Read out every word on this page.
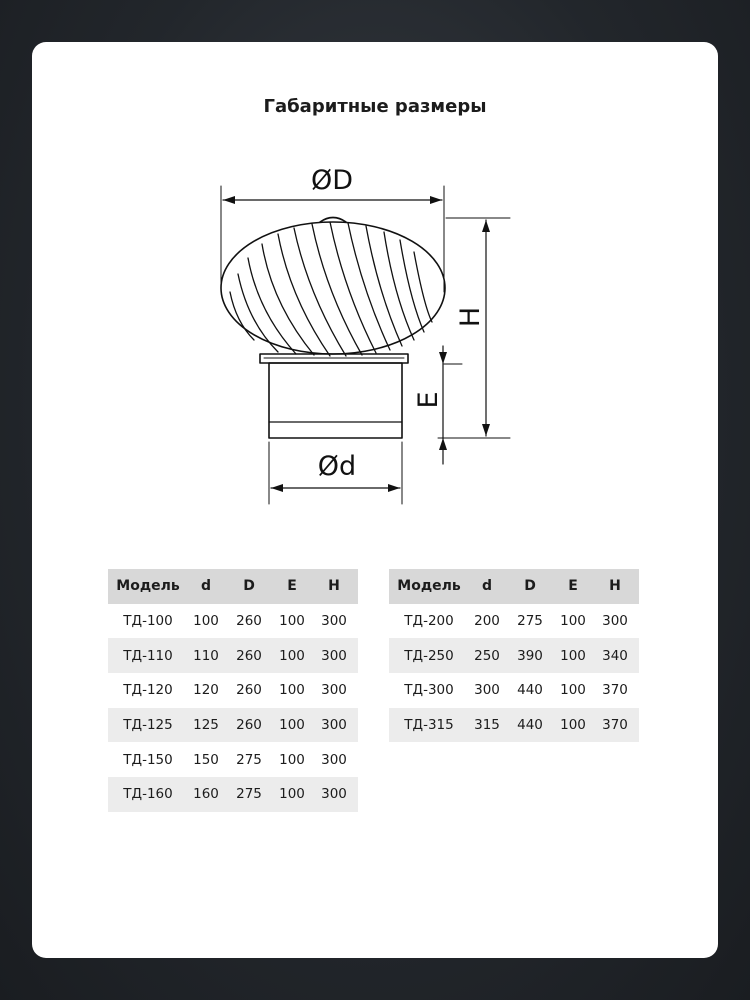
Габаритные размеры
ØD
Ød
H
E
Модель	d	D	E	H
ТД-100	100	260	100	300
ТД-110	110	260	100	300
ТД-120	120	260	100	300
ТД-125	125	260	100	300
ТД-150	150	275	100	300
ТД-160	160	275	100	300
Модель	d	D	E	H
ТД-200	200	275	100	300
ТД-250	250	390	100	340
ТД-300	300	440	100	370
ТД-315	315	440	100	370
